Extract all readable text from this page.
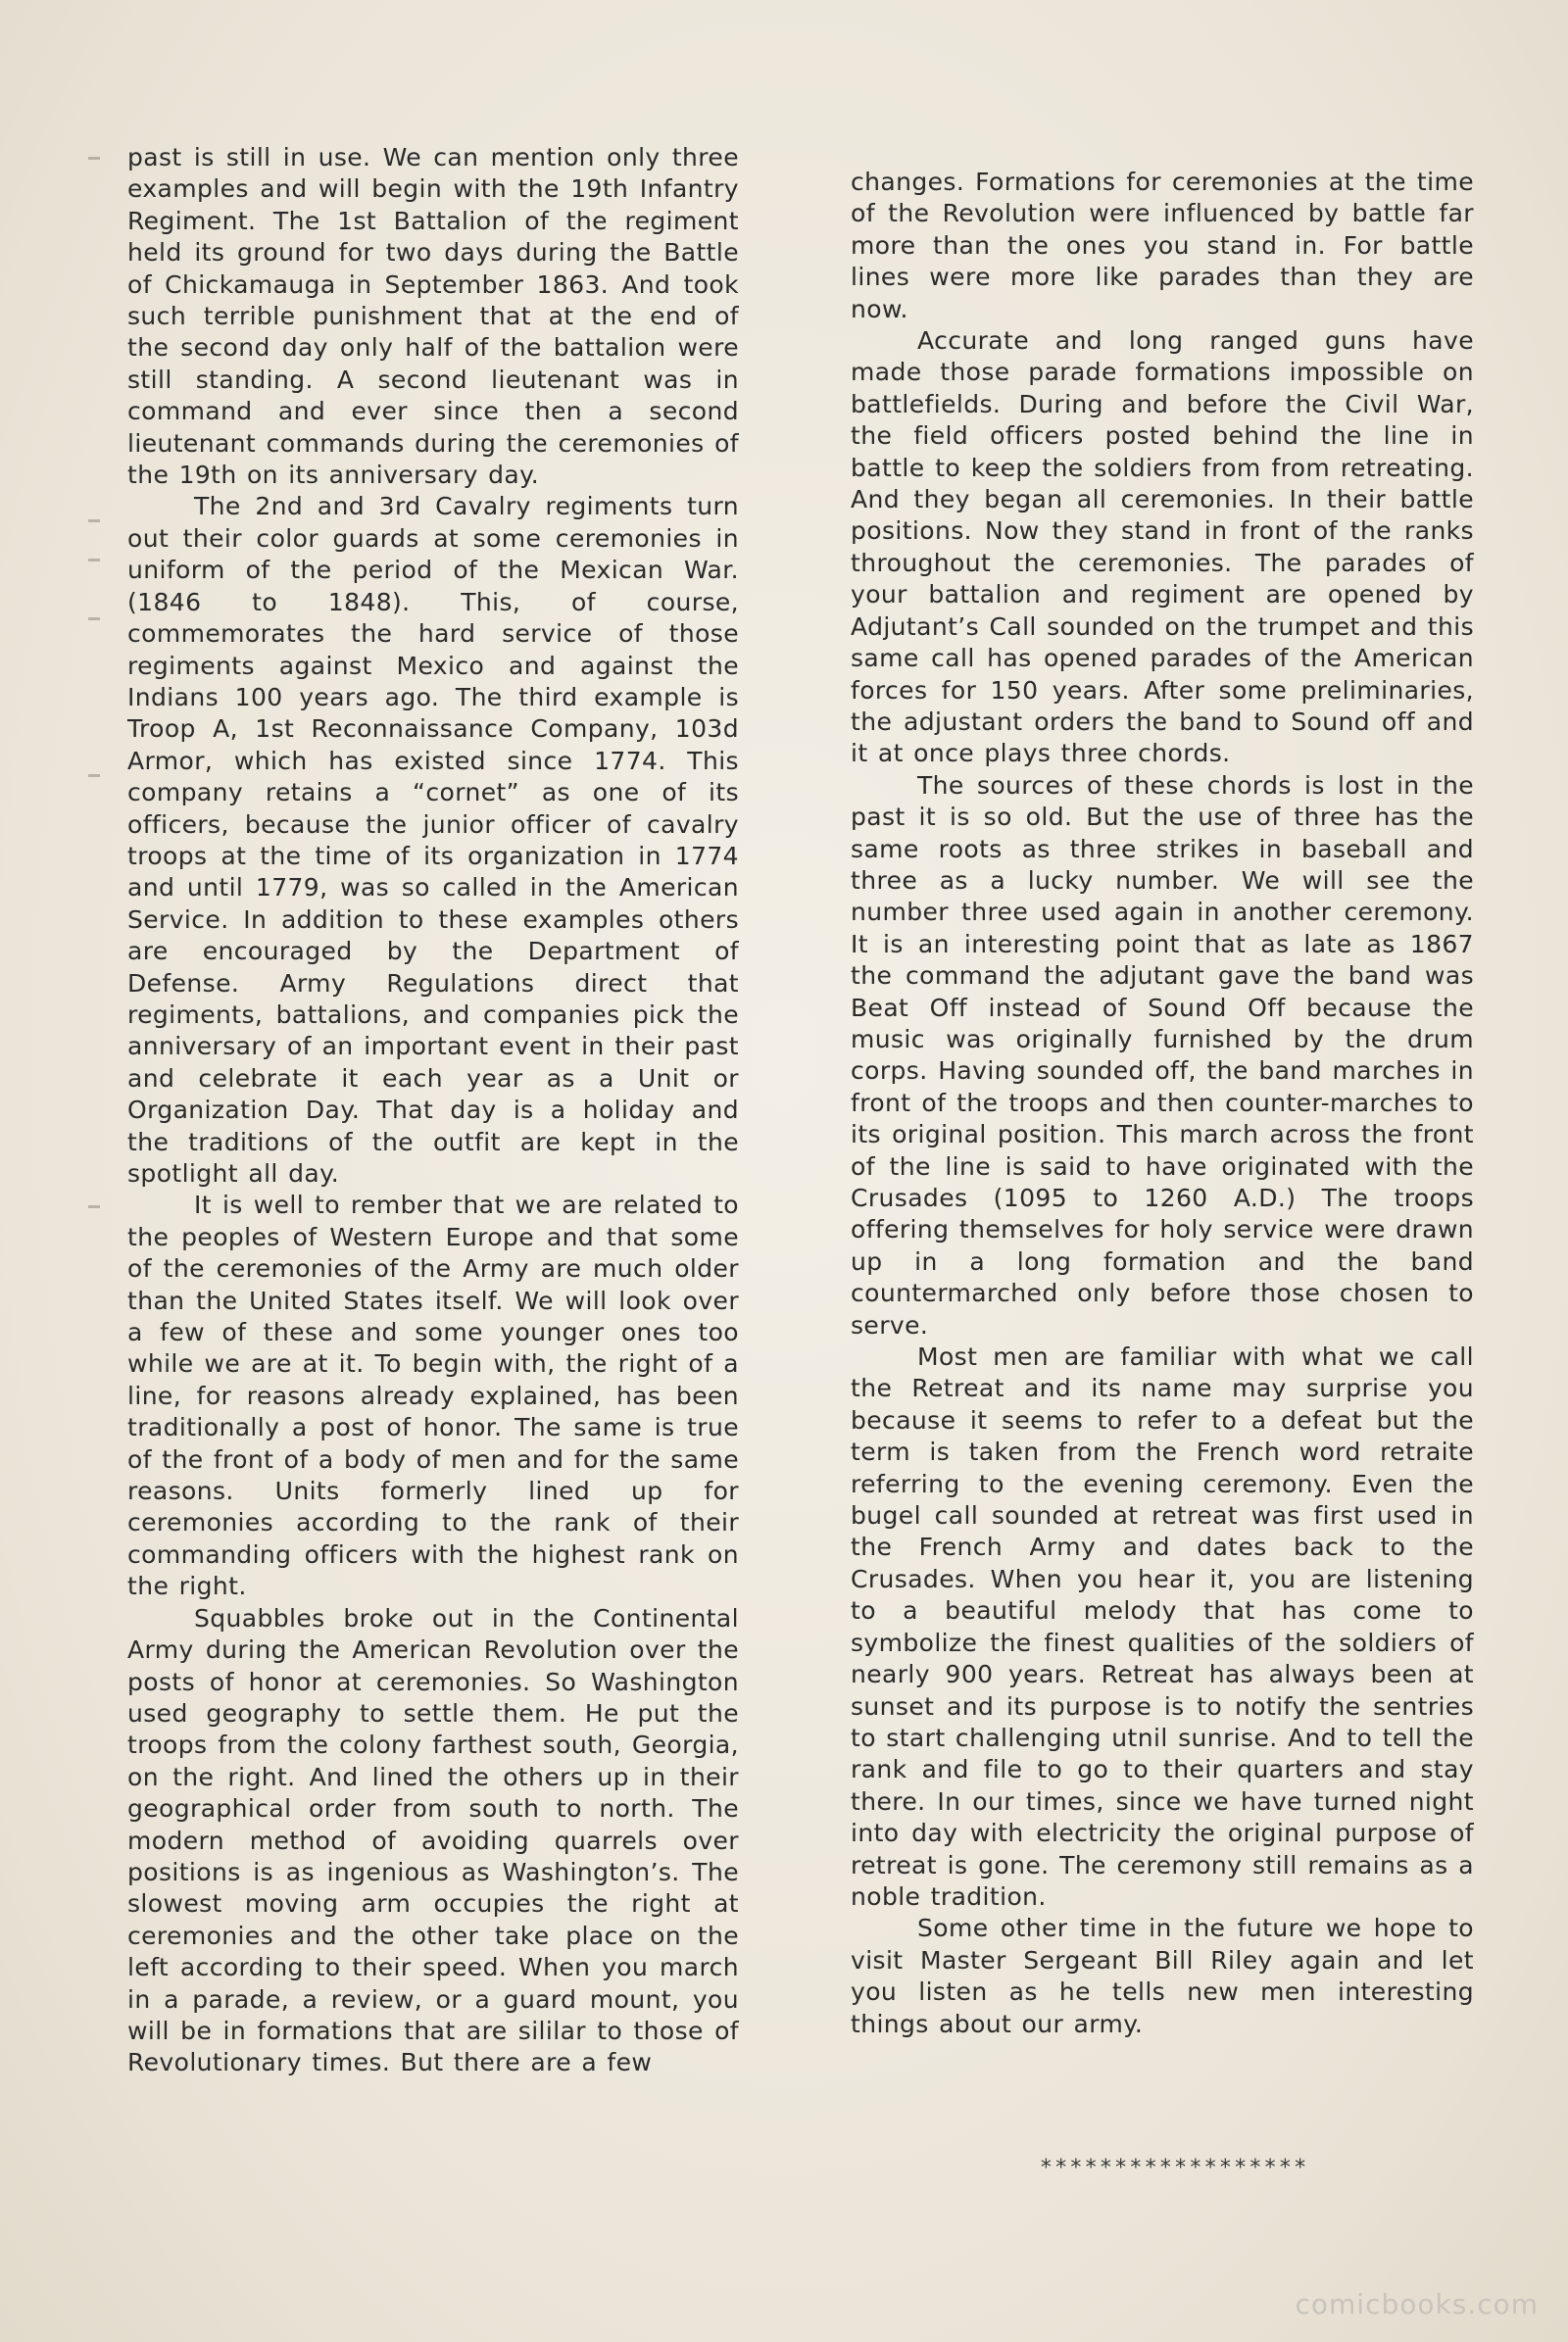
past is still in use. We can mention only three examples and will begin with the 19th Infantry Regiment. The 1st Battalion of the regiment held its ground for two days during the Battle of Chickamauga in September 1863. And took such terrible punishment that at the end of the second day only half of the battalion were still standing. A second lieutenant was in command and ever since then a second lieutenant commands during the ceremonies of the 19th on its anniversary day.

The 2nd and 3rd Cavalry regiments turn out their color guards at some ceremonies in uniform of the period of the Mexican War. (1846 to 1848). This, of course, commemorates the hard service of those regiments against Mexico and against the Indians 100 years ago. The third example is Troop A, 1st Reconnaissance Company, 103d Armor, which has existed since 1774. This company retains a “cornet” as one of its officers, because the junior officer of cavalry troops at the time of its organization in 1774 and until 1779, was so called in the American Service. In addition to these examples others are encouraged by the Department of Defense. Army Regulations direct that regiments, battalions, and companies pick the anniversary of an important event in their past and celebrate it each year as a Unit or Organization Day. That day is a holiday and the traditions of the outfit are kept in the spotlight all day.

It is well to rember that we are related to the peoples of Western Europe and that some of the ceremonies of the Army are much older than the United States itself. We will look over a few of these and some younger ones too while we are at it. To begin with, the right of a line, for reasons already explained, has been traditionally a post of honor. The same is true of the front of a body of men and for the same reasons. Units formerly lined up for ceremonies according to the rank of their commanding officers with the highest rank on the right.

Squabbles broke out in the Continental Army during the American Revolution over the posts of honor at ceremonies. So Washington used geography to settle them. He put the troops from the colony farthest south, Georgia, on the right. And lined the others up in their geographical order from south to north. The modern method of avoiding quarrels over positions is as ingenious as Washington’s. The slowest moving arm occupies the right at ceremonies and the other take place on the left according to their speed. When you march in a parade, a review, or a guard mount, you will be in formations that are sililar to those of Revolutionary times. But there are a few

changes. Formations for ceremonies at the time of the Revolution were influenced by battle far more than the ones you stand in. For battle lines were more like parades than they are now.

Accurate and long ranged guns have made those parade formations impossible on battlefields. During and before the Civil War, the field officers posted behind the line in battle to keep the soldiers from from retreating. And they began all ceremonies. In their battle positions. Now they stand in front of the ranks throughout the ceremonies. The parades of your battalion and regiment are opened by Adjutant’s Call sounded on the trumpet and this same call has opened parades of the American forces for 150 years. After some preliminaries, the adjustant orders the band to Sound off and it at once plays three chords.

The sources of these chords is lost in the past it is so old. But the use of three has the same roots as three strikes in baseball and three as a lucky number. We will see the number three used again in another ceremony. It is an interesting point that as late as 1867 the command the adjutant gave the band was Beat Off instead of Sound Off because the music was originally furnished by the drum corps. Having sounded off, the band marches in front of the troops and then counter-marches to its original position. This march across the front of the line is said to have originated with the Crusades (1095 to 1260 A.D.) The troops offering themselves for holy service were drawn up in a long formation and the band countermarched only before those chosen to serve.

Most men are familiar with what we call the Retreat and its name may surprise you because it seems to refer to a defeat but the term is taken from the French word retraite referring to the evening ceremony. Even the bugel call sounded at retreat was first used in the French Army and dates back to the Crusades. When you hear it, you are listening to a beautiful melody that has come to symbolize the finest qualities of the soldiers of nearly 900 years. Retreat has always been at sunset and its purpose is to notify the sentries to start challenging utnil sunrise. And to tell the rank and file to go to their quarters and stay there. In our times, since we have turned night into day with electricity the original purpose of retreat is gone. The ceremony still remains as a noble tradition.

Some other time in the future we hope to visit Master Sergeant Bill Riley again and let you listen as he tells new men interesting things about our army.

******************
comicbooks.com
